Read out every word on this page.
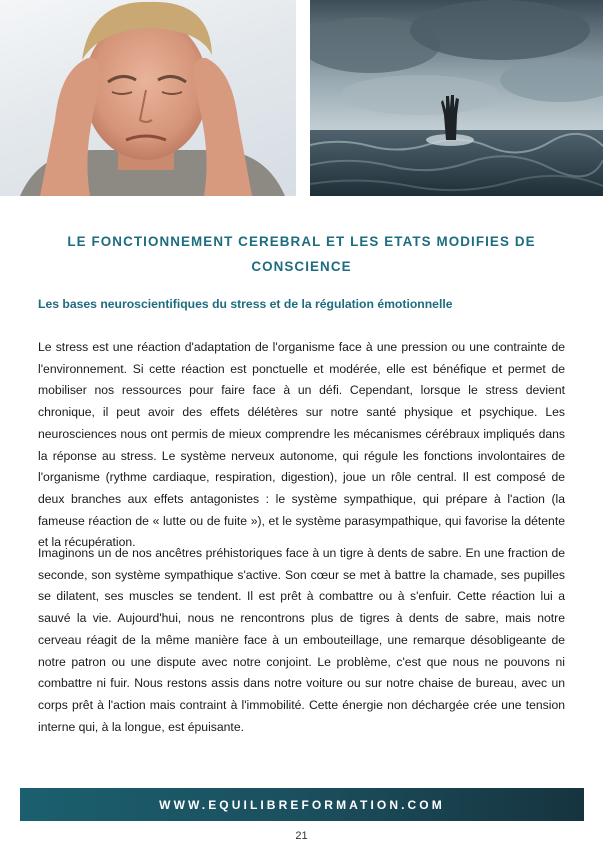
LE FONCTIONNEMENT CEREBRAL ET LES ETATS MODIFIES DE CONSCIENCE
Les bases neuroscientifiques du stress et de la régulation émotionnelle

Le stress est une réaction d'adaptation de l'organisme face à une pression ou une contrainte de l'environnement. Si cette réaction est ponctuelle et modérée, elle est bénéfique et permet de mobiliser nos ressources pour faire face à un défi. Cependant, lorsque le stress devient chronique, il peut avoir des effets délétères sur notre santé physique et psychique. Les neurosciences nous ont permis de mieux comprendre les mécanismes cérébraux impliqués dans la réponse au stress. Le système nerveux autonome, qui régule les fonctions involontaires de l'organisme (rythme cardiaque, respiration, digestion), joue un rôle central. Il est composé de deux branches aux effets antagonistes : le système sympathique, qui prépare à l'action (la fameuse réaction de « lutte ou de fuite »), et le système parasympathique, qui favorise la détente et la récupération.

Imaginons un de nos ancêtres préhistoriques face à un tigre à dents de sabre. En une fraction de seconde, son système sympathique s'active. Son cœur se met à battre la chamade, ses pupilles se dilatent, ses muscles se tendent. Il est prêt à combattre ou à s'enfuir. Cette réaction lui a sauvé la vie. Aujourd'hui, nous ne rencontrons plus de tigres à dents de sabre, mais notre cerveau réagit de la même manière face à un embouteillage, une remarque désobligeante de notre patron ou une dispute avec notre conjoint. Le problème, c'est que nous ne pouvons ni combattre ni fuir. Nous restons assis dans notre voiture ou sur notre chaise de bureau, avec un corps prêt à l'action mais contraint à l'immobilité. Cette énergie non déchargée crée une tension interne qui, à la longue, est épuisante.

WWW.EQUILIBREFORMATION.COM
21
